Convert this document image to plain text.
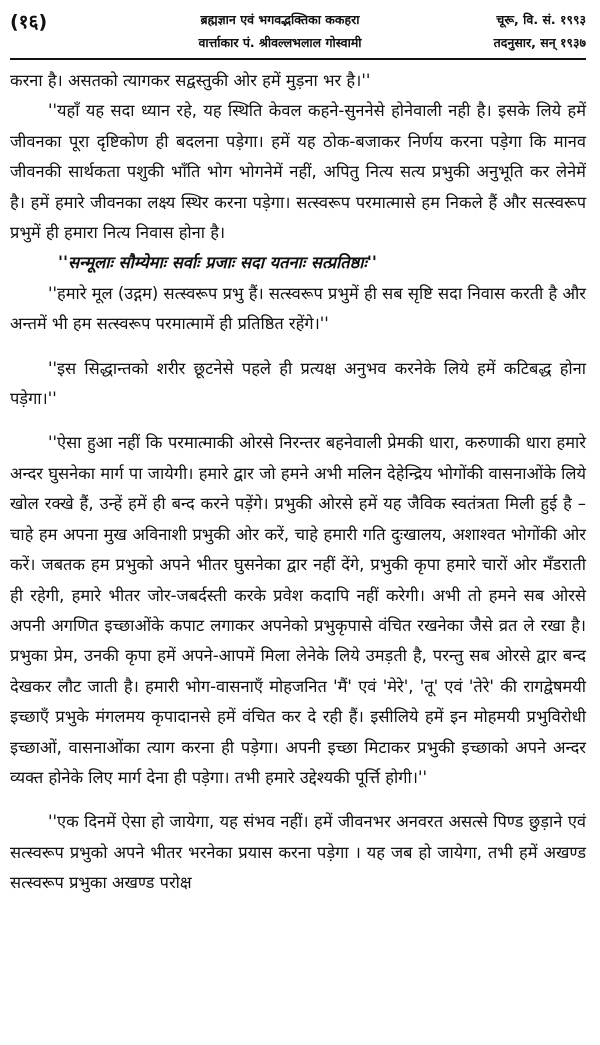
(१६)	ब्रह्मज्ञान एवं भगवद्भक्तिका ककहरा
वार्त्ताकार पं. श्रीवल्लभलाल गोस्वामी
चूरू, वि. सं. १९९३
तदनुसार, सन् १९३७

करना है। असतको त्यागकर सद्वस्तुकी ओर हमें मुड़ना भर है।''

''यहाँ यह सदा ध्यान रहे, यह स्थिति केवल कहने-सुननेसे होनेवाली नही है। इसके लिये हमें जीवनका पूरा दृष्टिकोण ही बदलना पड़ेगा। हमें यह ठोक-बजाकर निर्णय करना पड़ेगा कि मानव जीवनकी सार्थकता पशुकी भाँति भोग भोगनेमें नहीं, अपितु नित्य सत्य प्रभुकी अनुभूति कर लेनेमें है। हमें हमारे जीवनका लक्ष्य स्थिर करना पड़ेगा। सत्स्वरूप परमात्मासे हम निकले हैं और सत्स्वरूप प्रभुमें ही हमारा नित्य निवास होना है।

''सन्मूलाः सौम्येमाः सर्वाः प्रजाः सदा यतनाः सत्प्रतिष्ठाः''

''हमारे मूल (उद्गम) सत्स्वरूप प्रभु हैं। सत्स्वरूप प्रभुमें ही सब सृष्टि सदा निवास करती है और अन्तमें भी हम सत्स्वरूप परमात्मामें ही प्रतिष्ठित रहेंगे।''

''इस सिद्धान्तको शरीर छूटनेसे पहले ही प्रत्यक्ष अनुभव करनेके लिये हमें कटिबद्ध होना पड़ेगा।''

''ऐसा हुआ नहीं कि परमात्माकी ओरसे निरन्तर बहनेवाली प्रेमकी धारा, करुणाकी धारा हमारे अन्दर घुसनेका मार्ग पा जायेगी। हमारे द्वार जो हमने अभी मलिन देहेन्द्रिय भोगोंकी वासनाओंके लिये खोल रक्खे हैं, उन्हें हमें ही बन्द करने पड़ेंगे। प्रभुकी ओरसे हमें यह जैविक स्वतंत्रता मिली हुई है – चाहे हम अपना मुख अविनाशी प्रभुकी ओर करें, चाहे हमारी गति दुःखालय, अशाश्वत भोगोंकी ओर करें। जबतक हम प्रभुको अपने भीतर घुसनेका द्वार नहीं देंगे, प्रभुकी कृपा हमारे चारों ओर मँडराती ही रहेगी, हमारे भीतर जोर-जबर्दस्ती करके प्रवेश कदापि नहीं करेगी। अभी तो हमने सब ओरसे अपनी अगणित इच्छाओंके कपाट लगाकर अपनेको प्रभुकृपासे वंचित रखनेका जैसे व्रत ले रखा है। प्रभुका प्रेम, उनकी कृपा हमें अपने-आपमें मिला लेनेके लिये उमड़ती है, परन्तु सब ओरसे द्वार बन्द देखकर लौट जाती है। हमारी भोग-वासनाएँ मोहजनित 'मैं' एवं 'मेरे', 'तू' एवं 'तेरे' की रागद्वेषमयी इच्छाएँ प्रभुके मंगलमय कृपादानसे हमें वंचित कर दे रही हैं। इसीलिये हमें इन मोहमयी प्रभुविरोधी इच्छाओं, वासनाओंका त्याग करना ही पड़ेगा। अपनी इच्छा मिटाकर प्रभुकी इच्छाको अपने अन्दर व्यक्त होनेके लिए मार्ग देना ही पड़ेगा। तभी हमारे उद्देश्यकी पूर्त्ति होगी।''

''एक दिनमें ऐसा हो जायेगा, यह संभव नहीं। हमें जीवनभर अनवरत असत्से पिण्ड छुड़ाने एवं सत्स्वरूप प्रभुको अपने भीतर भरनेका प्रयास करना पड़ेगा । यह जब हो जायेगा, तभी हमें अखण्ड सत्स्वरूप प्रभुका अखण्ड परोक्ष
